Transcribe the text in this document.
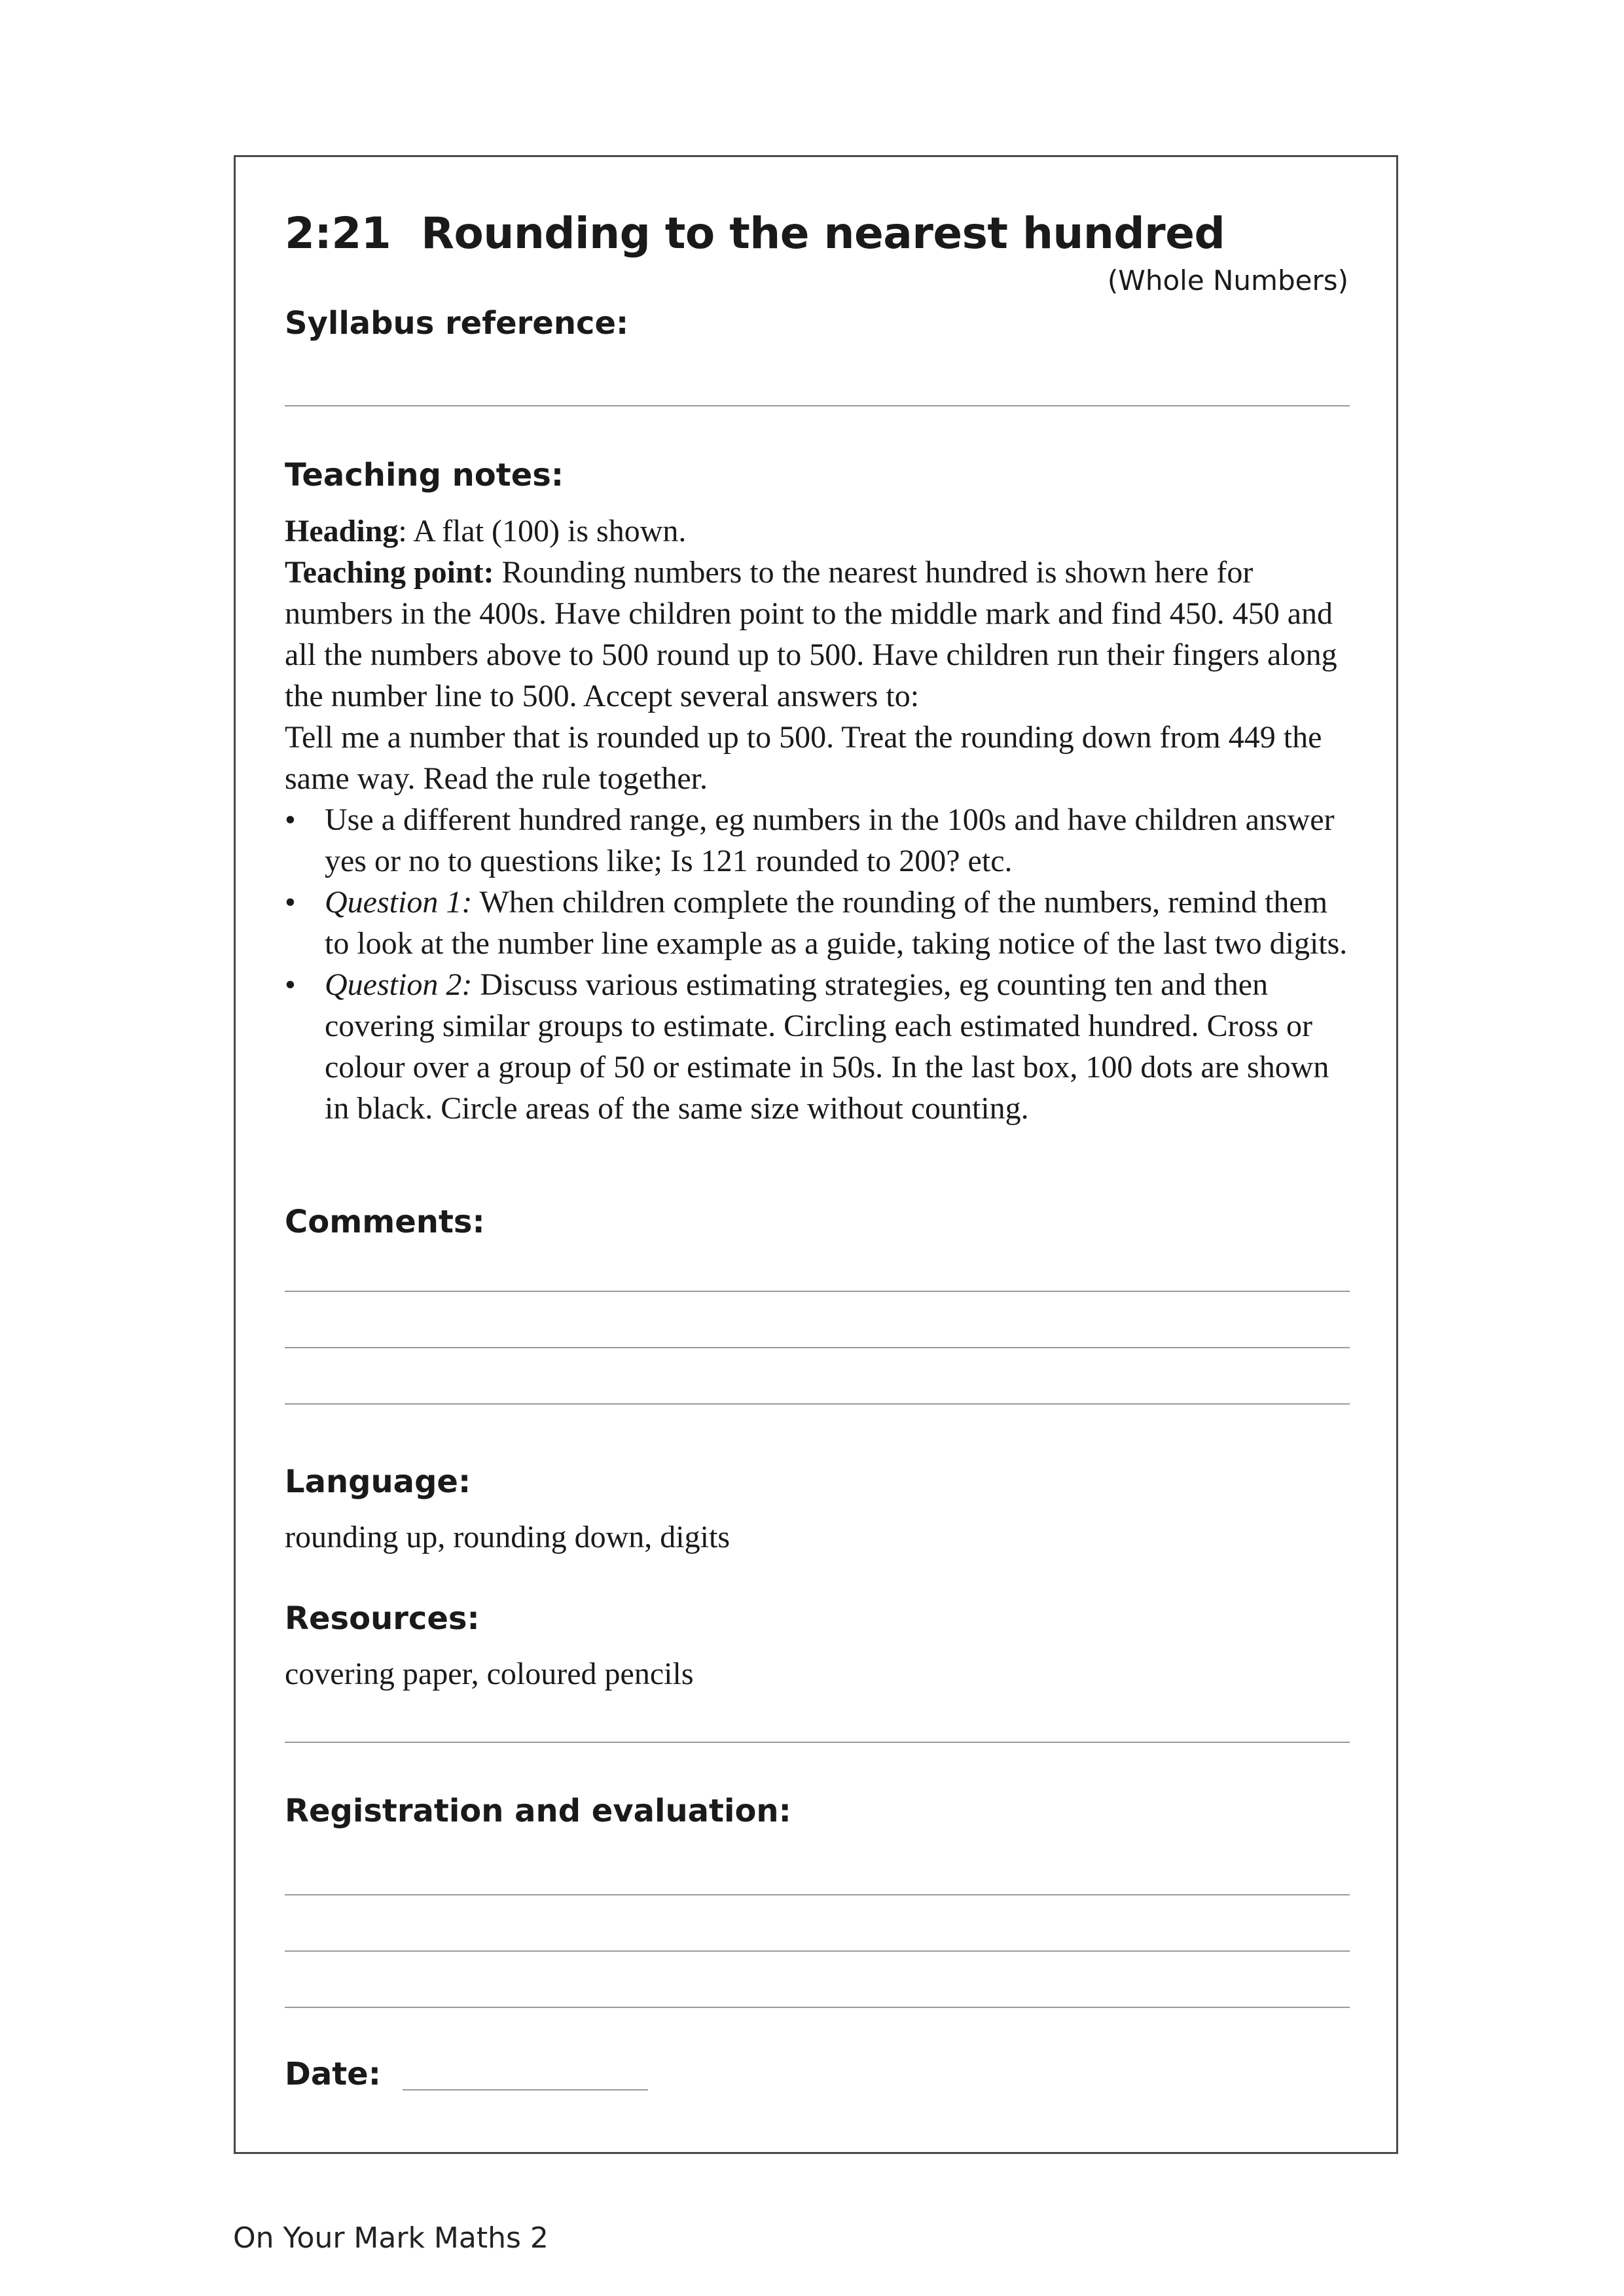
2:21 Rounding to the nearest hundred
(Whole Numbers)
Syllabus reference:
Teaching notes:

Heading: A flat (100) is shown.

Teaching point: Rounding numbers to the nearest hundred is shown here for numbers in the 400s. Have children point to the middle mark and find 450. 450 and all the numbers above to 500 round up to 500. Have children run their fingers along the number line to 500. Accept several answers to:

Tell me a number that is rounded up to 500. Treat the rounding down from 449 the same way. Read the rule together.

• Use a different hundred range, eg numbers in the 100s and have children answer yes or no to questions like; Is 121 rounded to 200? etc.
• Question 1: When children complete the rounding of the numbers, remind them to look at the number line example as a guide, taking notice of the last two digits.
• Question 2: Discuss various estimating strategies, eg counting ten and then covering similar groups to estimate. Circling each estimated hundred. Cross or colour over a group of 50 or estimate in 50s. In the last box, 100 dots are shown in black. Circle areas of the same size without counting.
Comments:
Language:
rounding up, rounding down, digits
Resources:
covering paper, coloured pencils
Registration and evaluation:
Date:
On Your Mark Maths 2
